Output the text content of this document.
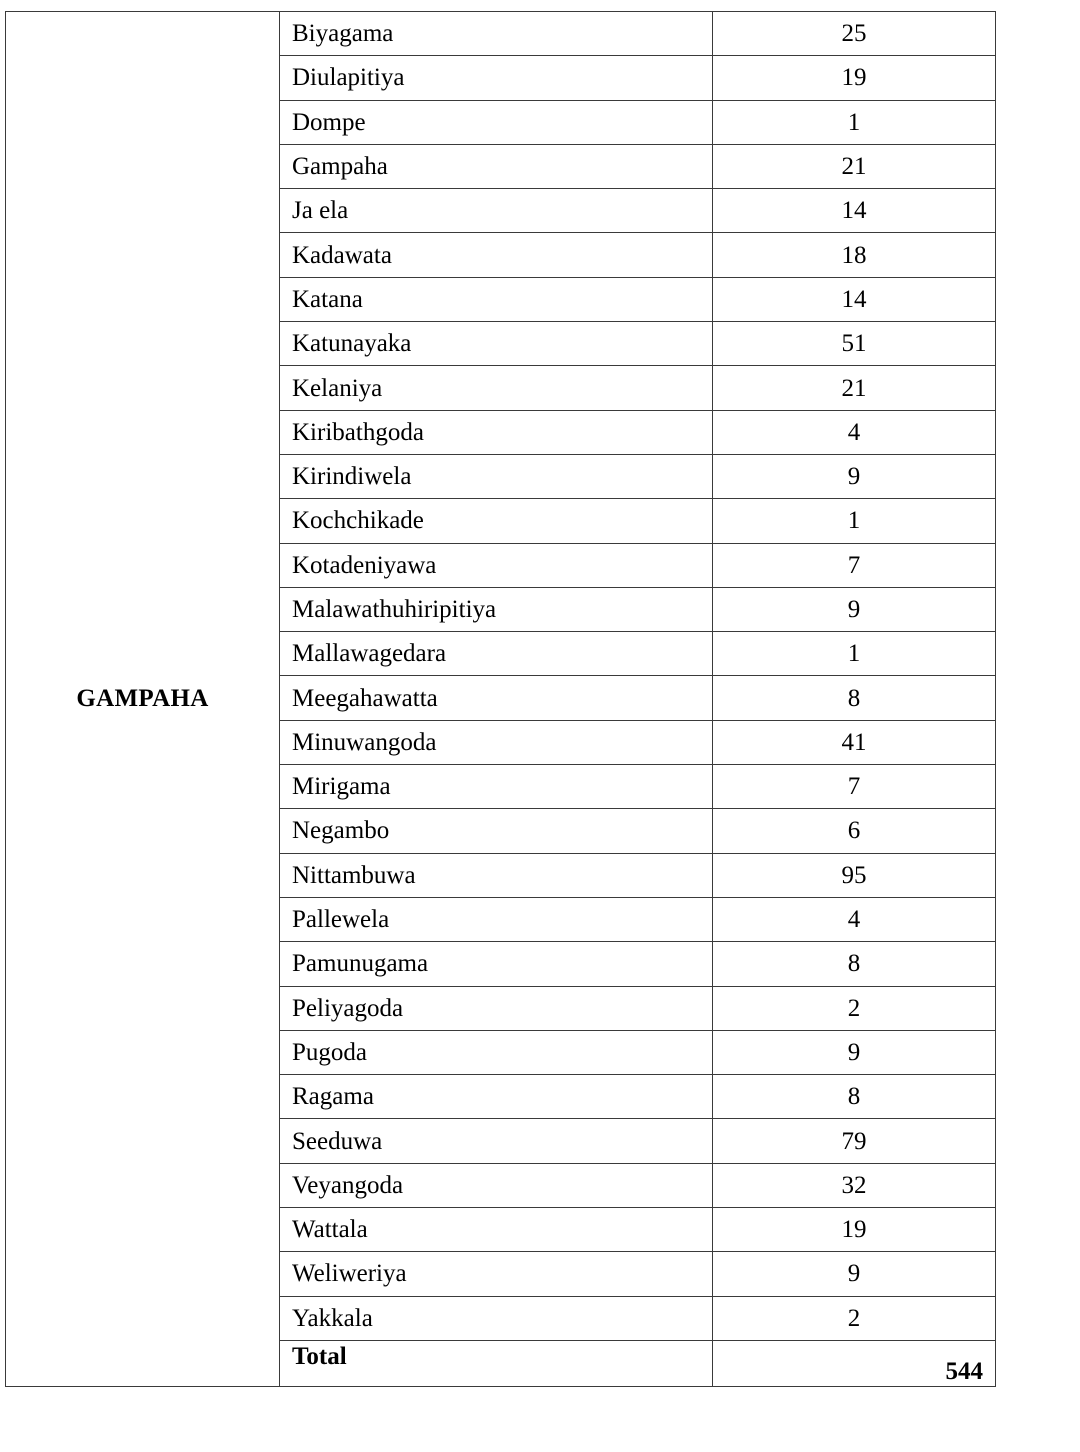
GAMPAHA	Biyagama	25
	Diulapitiya	19
	Dompe	1
	Gampaha	21
	Ja ela	14
	Kadawata	18
	Katana	14
	Katunayaka	51
	Kelaniya	21
	Kiribathgoda	4
	Kirindiwela	9
	Kochchikade	1
	Kotadeniyawa	7
	Malawathuhiripitiya	9
	Mallawagedara	1
	Meegahawatta	8
	Minuwangoda	41
	Mirigama	7
	Negambo	6
	Nittambuwa	95
	Pallewela	4
	Pamunugama	8
	Peliyagoda	2
	Pugoda	9
	Ragama	8
	Seeduwa	79
	Veyangoda	32
	Wattala	19
	Weliweriya	9
	Yakkala	2
	Total	544
